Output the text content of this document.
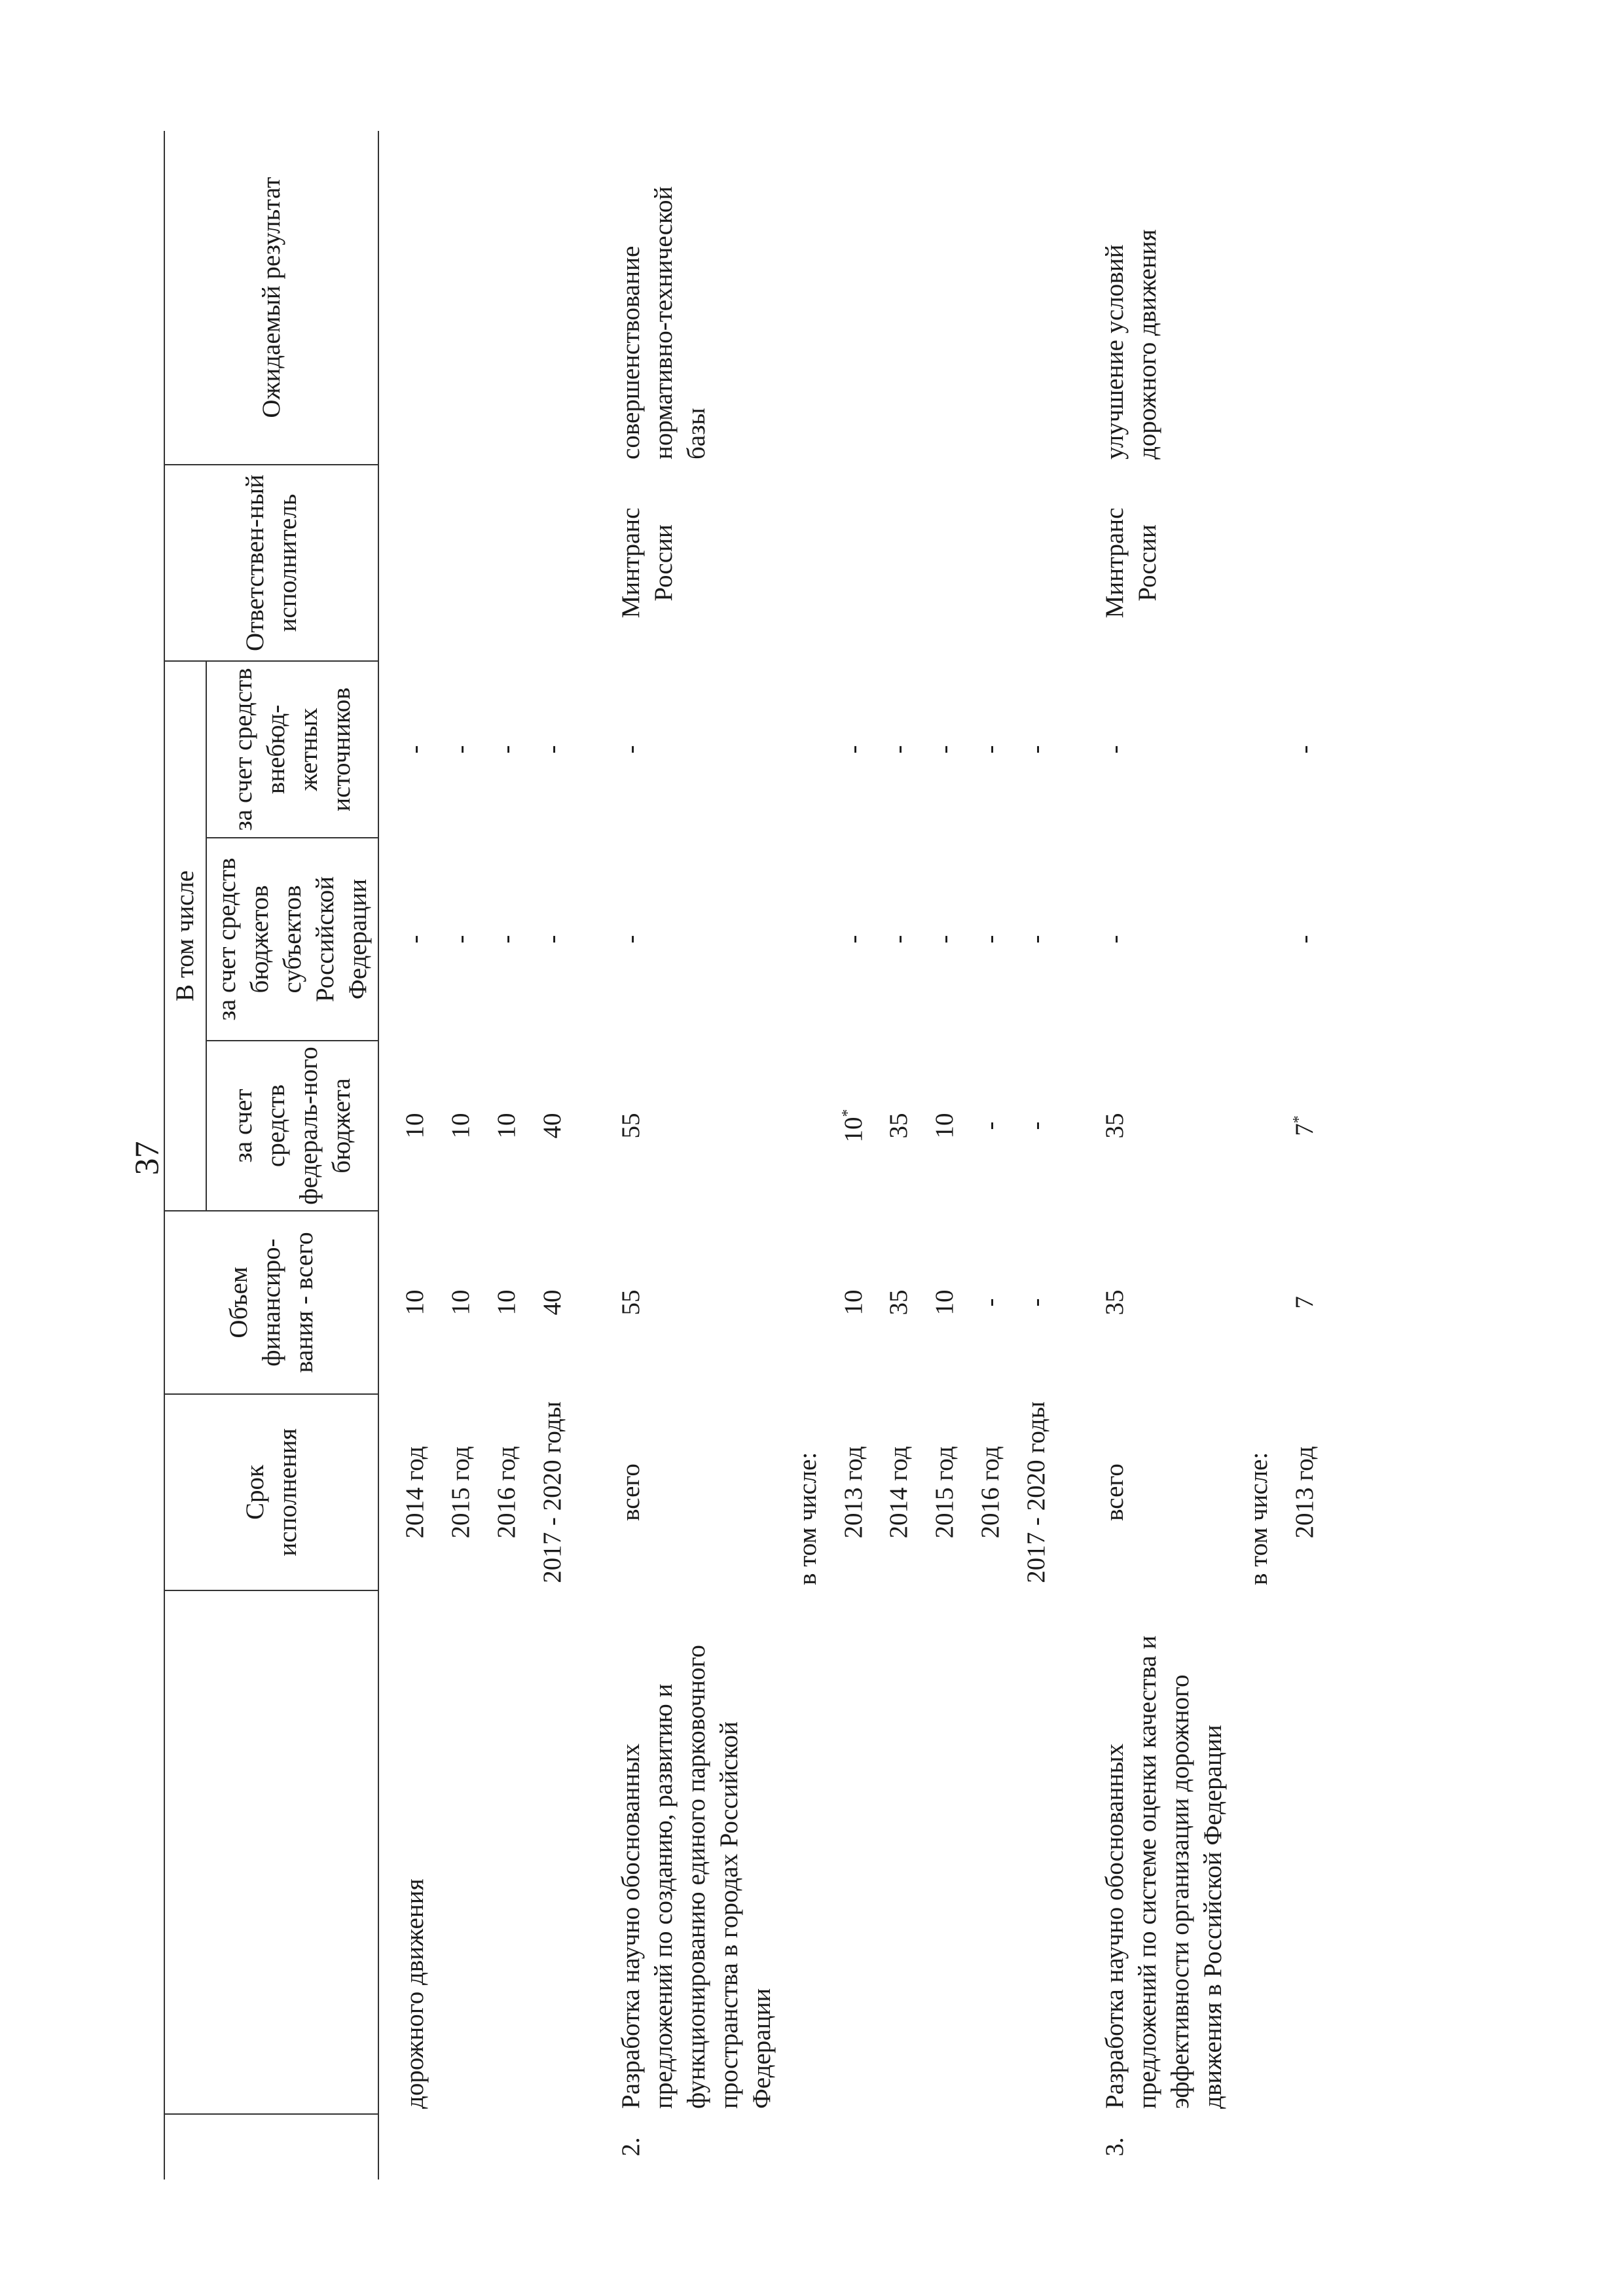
37
		Срок исполнения	Объем финансиро-вания - всего	В том числе			Ответствен-ный исполнитель	Ожидаемый результат
				за счет средств федераль-ного бюджета	за счет средств бюджетов субъектов Российской Федерации	за счет средств внебюд-жетных источников		
	дорожного движения	2014 год	10	10	-	-		
		2015 год	10	10	-	-		
		2016 год	10	10	-	-		
		2017 - 2020 годы	40	40	-	-		
2.	Разработка научно обоснованных предложений по созданию, развитию и функционированию единого парковочного пространства в городах Российской Федерации	всего	55	55	-	-	Минтранс России	совершенствование нормативно-технической базы
		в том числе:						
		2013 год	10	10*	-	-		
		2014 год	35	35	-	-		
		2015 год	10	10	-	-		
		2016 год	-	-	-	-		
		2017 - 2020 годы	-	-	-	-		
3.	Разработка научно обоснованных предложений по системе оценки качества и эффективности организации дорожного движения в Российской Федерации	всего	35	35	-	-	Минтранс России	улучшение условий дорожного движения
		в том числе:						
		2013 год	7	7*	-	-		
